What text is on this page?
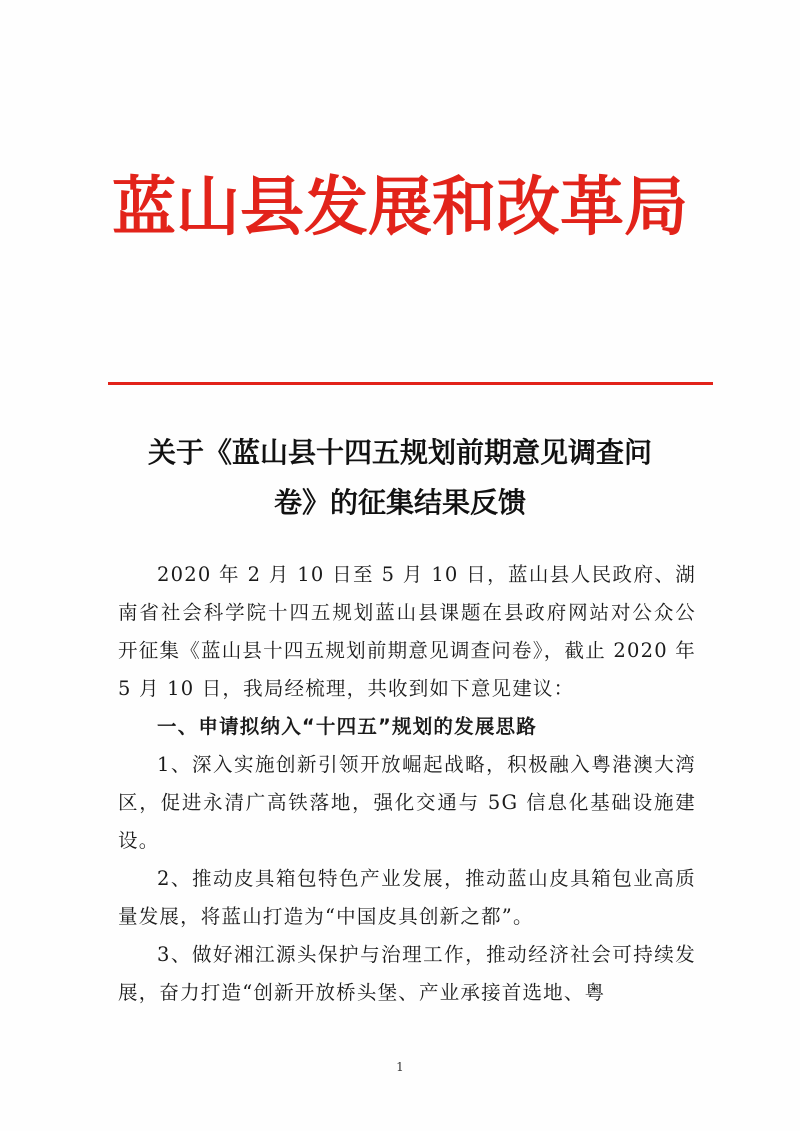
蓝山县发展和改革局
关于《蓝山县十四五规划前期意见调查问
卷》的征集结果反馈

2020 年 2 月 10 日至 5 月 10 日，蓝山县人民政府、湖南省社会科学院十四五规划蓝山县课题在县政府网站对公众公开征集《蓝山县十四五规划前期意见调查问卷》，截止 2020 年 5 月 10 日，我局经梳理，共收到如下意见建议：

一、申请拟纳入“十四五”规划的发展思路

1、深入实施创新引领开放崛起战略，积极融入粤港澳大湾区，促进永清广高铁落地，强化交通与 5G 信息化基础设施建设。

2、推动皮具箱包特色产业发展，推动蓝山皮具箱包业高质量发展，将蓝山打造为“中国皮具创新之都”。

3、做好湘江源头保护与治理工作，推动经济社会可持续发展，奋力打造“创新开放桥头堡、产业承接首选地、粤

1
